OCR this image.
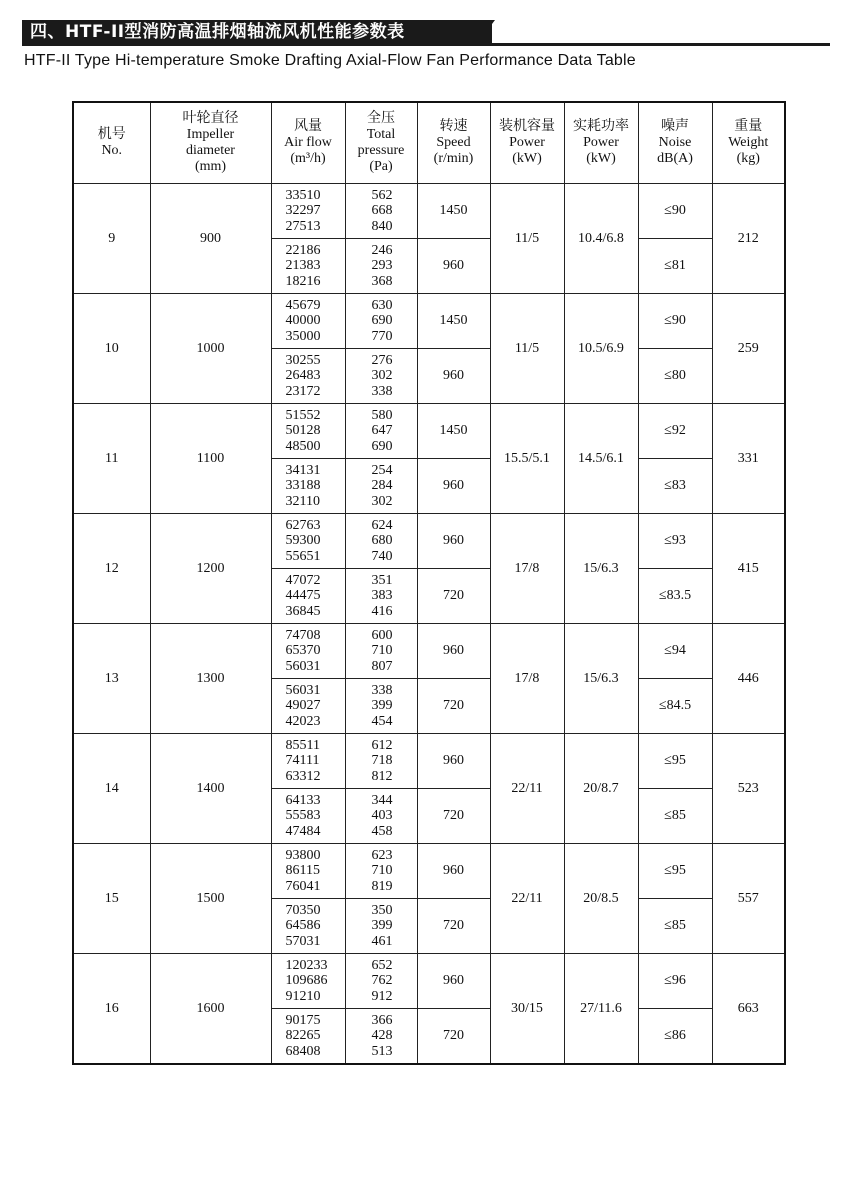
四、HTF-II型消防高温排烟轴流风机性能参数表
HTF-II Type Hi-temperature Smoke Drafting Axial-Flow Fan Performance Data Table
机号
No.	叶轮直径
Impeller
diameter
(mm)	风量
Air flow
(m³/h)	全压
Total
pressure
(Pa)	转速
Speed
(r/min)	装机容量
Power
(kW)	实耗功率
Power
(kW)	噪声
Noise
dB(A)	重量
Weight
(kg)

9	900	33510
32297
27513	562
668
840	1450	11/5	10.4/6.8	≤90	212

		22186
21383
18216	246
293
368	960			≤81	
10	1000	45679
40000
35000	630
690
770	1450	11/5	10.5/6.9	≤90	259

		30255
26483
23172	276
302
338	960			≤80	
11	1100	51552
50128
48500	580
647
690	1450	15.5/5.1	14.5/6.1	≤92	331

		34131
33188
32110	254
284
302	960			≤83	
12	1200	62763
59300
55651	624
680
740	960	17/8	15/6.3	≤93	415

		47072
44475
36845	351
383
416	720			≤83.5	
13	1300	74708
65370
56031	600
710
807	960	17/8	15/6.3	≤94	446

		56031
49027
42023	338
399
454	720			≤84.5	
14	1400	85511
74111
63312	612
718
812	960	22/11	20/8.7	≤95	523

		64133
55583
47484	344
403
458	720			≤85	
15	1500	93800
86115
76041	623
710
819	960	22/11	20/8.5	≤95	557

		70350
64586
57031	350
399
461	720			≤85	
16	1600	120233
109686
91210	652
762
912	960	30/15	27/11.6	≤96	663

		90175
82265
68408	366
428
513	720			≤86	
